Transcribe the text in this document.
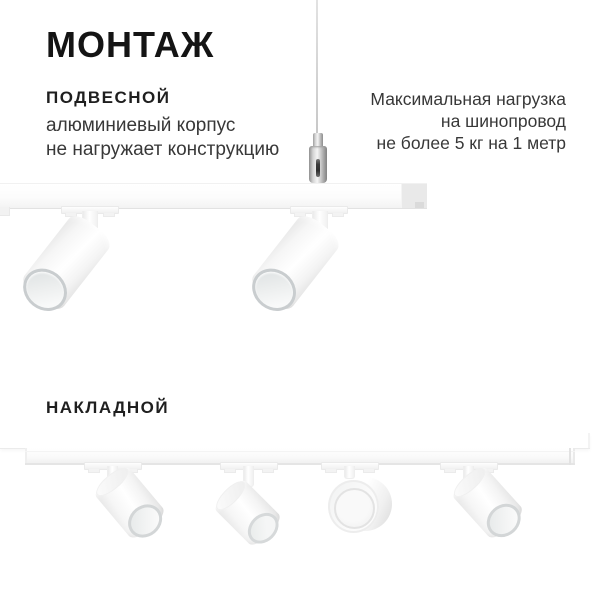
МОНТАЖ
ПОДВЕСНОЙ
алюминиевый корпус
не нагружает конструкцию
Максимальная нагрузка
на шинопровод
не более 5 кг на 1 метр
НАКЛАДНОЙ
